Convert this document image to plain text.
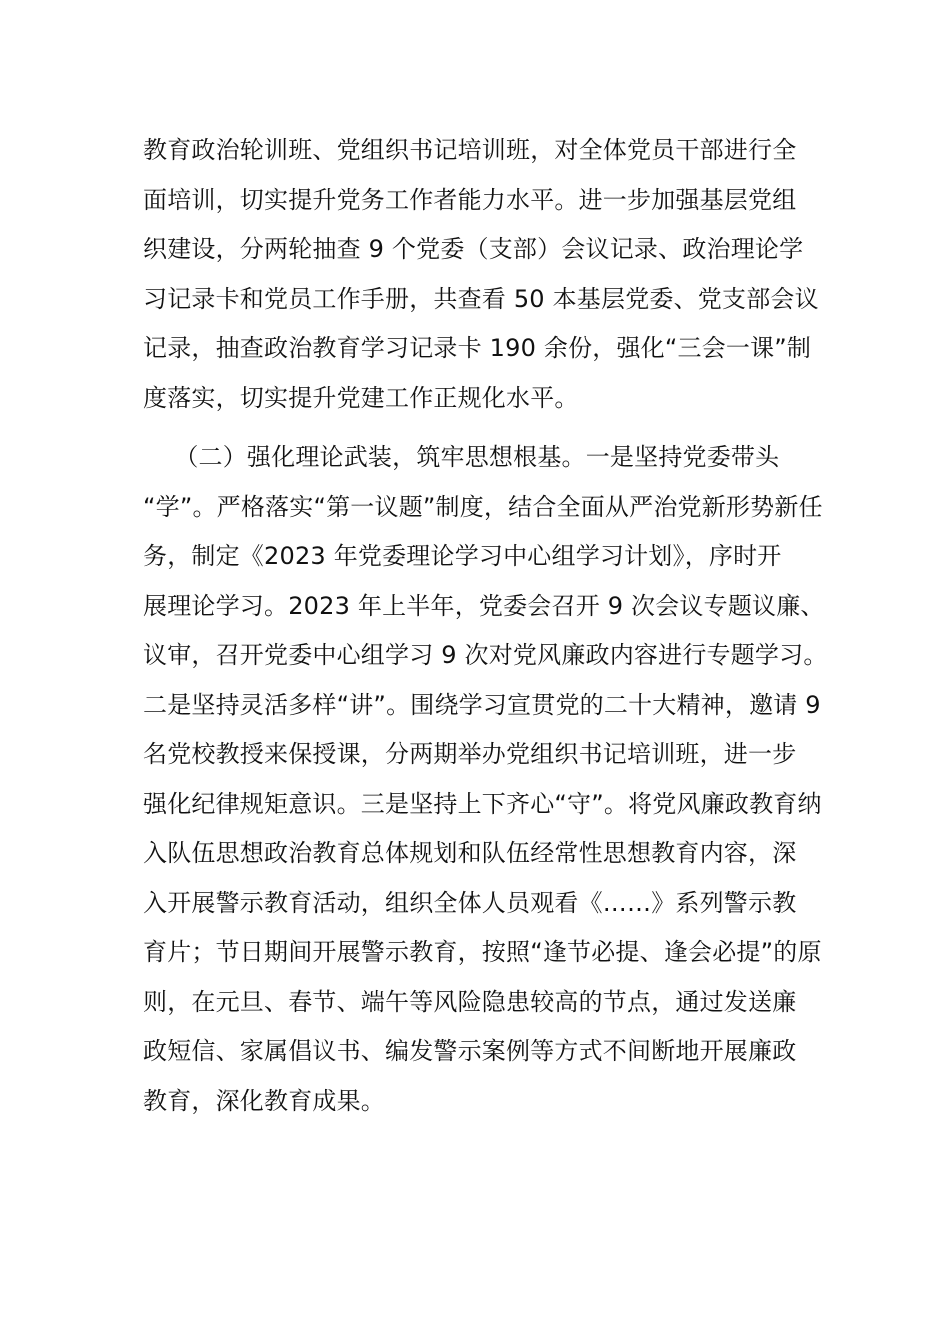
教育政治轮训班、党组织书记培训班，对全体党员干部进行全
面培训，切实提升党务工作者能力水平。进一步加强基层党组
织建设，分两轮抽查 9 个党委（支部）会议记录、政治理论学
习记录卡和党员工作手册，共查看 50 本基层党委、党支部会议
记录，抽查政治教育学习记录卡 190 余份，强化“三会一课”制
度落实，切实提升党建工作正规化水平。
（二）强化理论武装，筑牢思想根基。一是坚持党委带头
“学”。严格落实“第一议题”制度，结合全面从严治党新形势新任
务，制定《2023 年党委理论学习中心组学习计划》，序时开
展理论学习。2023 年上半年，党委会召开 9 次会议专题议廉、
议审，召开党委中心组学习 9 次对党风廉政内容进行专题学习。
二是坚持灵活多样“讲”。围绕学习宣贯党的二十大精神，邀请 9
名党校教授来保授课，分两期举办党组织书记培训班，进一步
强化纪律规矩意识。三是坚持上下齐心“守”。将党风廉政教育纳
入队伍思想政治教育总体规划和队伍经常性思想教育内容，深
入开展警示教育活动，组织全体人员观看《……》系列警示教
育片；节日期间开展警示教育，按照“逢节必提、逢会必提”的原
则，在元旦、春节、端午等风险隐患较高的节点，通过发送廉
政短信、家属倡议书、编发警示案例等方式不间断地开展廉政
教育，深化教育成果。
